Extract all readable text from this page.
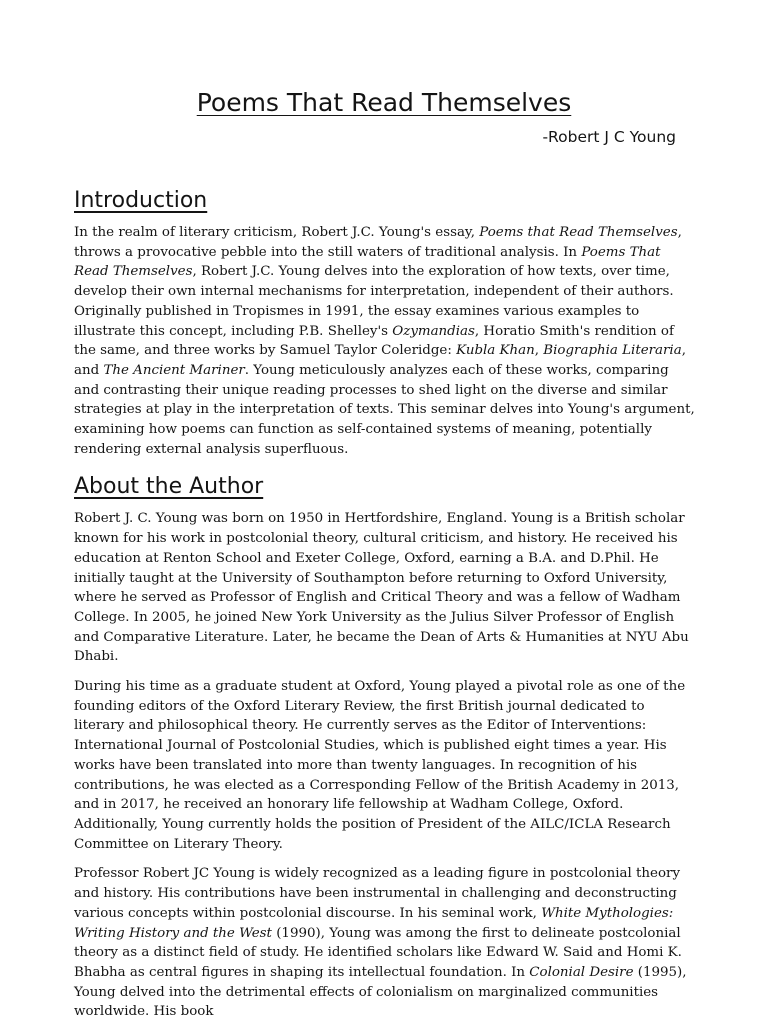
Poems That Read Themselves
-Robert J C Young
Introduction

In the realm of literary criticism, Robert J.C. Young's essay, Poems that Read Themselves, throws a provocative pebble into the still waters of traditional analysis. In Poems That Read Themselves, Robert J.C. Young delves into the exploration of how texts, over time, develop their own internal mechanisms for interpretation, independent of their authors. Originally published in Tropismes in 1991, the essay examines various examples to illustrate this concept, including P.B. Shelley's Ozymandias, Horatio Smith's rendition of the same, and three works by Samuel Taylor Coleridge: Kubla Khan, Biographia Literaria, and The Ancient Mariner. Young meticulously analyzes each of these works, comparing and contrasting their unique reading processes to shed light on the diverse and similar strategies at play in the interpretation of texts. This seminar delves into Young's argument, examining how poems can function as self-contained systems of meaning, potentially rendering external analysis superfluous.

About the Author

Robert J. C. Young was born on 1950 in Hertfordshire, England. Young is a British scholar known for his work in postcolonial theory, cultural criticism, and history. He received his education at Renton School and Exeter College, Oxford, earning a B.A. and D.Phil. He initially taught at the University of Southampton before returning to Oxford University, where he served as Professor of English and Critical Theory and was a fellow of Wadham College. In 2005, he joined New York University as the Julius Silver Professor of English and Comparative Literature. Later, he became the Dean of Arts & Humanities at NYU Abu Dhabi.

During his time as a graduate student at Oxford, Young played a pivotal role as one of the founding editors of the Oxford Literary Review, the first British journal dedicated to literary and philosophical theory. He currently serves as the Editor of Interventions: International Journal of Postcolonial Studies, which is published eight times a year. His works have been translated into more than twenty languages. In recognition of his contributions, he was elected as a Corresponding Fellow of the British Academy in 2013, and in 2017, he received an honorary life fellowship at Wadham College, Oxford. Additionally, Young currently holds the position of President of the AILC/ICLA Research Committee on Literary Theory.

Professor Robert JC Young is widely recognized as a leading figure in postcolonial theory and history. His contributions have been instrumental in challenging and deconstructing various concepts within postcolonial discourse. In his seminal work, White Mythologies: Writing History and the West (1990), Young was among the first to delineate postcolonial theory as a distinct field of study. He identified scholars like Edward W. Said and Homi K. Bhabha as central figures in shaping its intellectual foundation. In Colonial Desire (1995), Young delved into the detrimental effects of colonialism on marginalized communities worldwide. His book
